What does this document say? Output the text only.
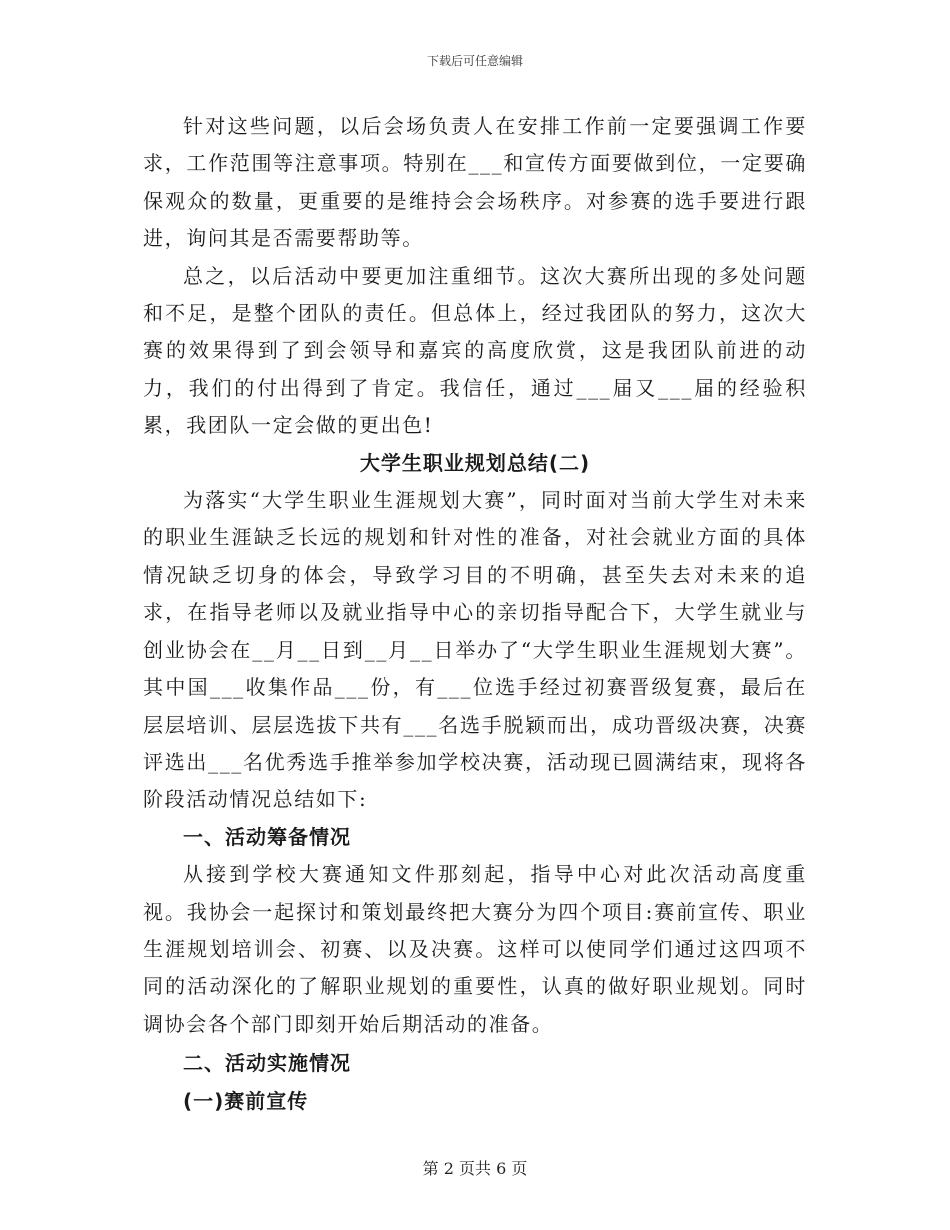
下载后可任意编辑

针对这些问题，以后会场负责人在安排工作前一定要强调工作要求，工作范围等注意事项。特别在___和宣传方面要做到位，一定要确保观众的数量，更重要的是维持会会场秩序。对参赛的选手要进行跟进，询问其是否需要帮助等。

总之，以后活动中要更加注重细节。这次大赛所出现的多处问题和不足，是整个团队的责任。但总体上，经过我团队的努力，这次大赛的效果得到了到会领导和嘉宾的高度欣赏，这是我团队前进的动力，我们的付出得到了肯定。我信任，通过___届又___届的经验积累，我团队一定会做的更出色!

大学生职业规划总结(二)

为落实“大学生职业生涯规划大赛”，同时面对当前大学生对未来的职业生涯缺乏长远的规划和针对性的准备，对社会就业方面的具体情况缺乏切身的体会，导致学习目的不明确，甚至失去对未来的追求，在指导老师以及就业指导中心的亲切指导配合下，大学生就业与创业协会在__月__日到__月__日举办了“大学生职业生涯规划大赛”。其中国___收集作品___份，有___位选手经过初赛晋级复赛，最后在层层培训、层层选拔下共有___名选手脱颖而出，成功晋级决赛，决赛评选出___名优秀选手推举参加学校决赛，活动现已圆满结束，现将各阶段活动情况总结如下:

一、活动筹备情况

从接到学校大赛通知文件那刻起，指导中心对此次活动高度重视。我协会一起探讨和策划最终把大赛分为四个项目:赛前宣传、职业生涯规划培训会、初赛、以及决赛。这样可以使同学们通过这四项不同的活动深化的了解职业规划的重要性，认真的做好职业规划。同时调协会各个部门即刻开始后期活动的准备。

二、活动实施情况

(一)赛前宣传

第 2 页共 6 页
